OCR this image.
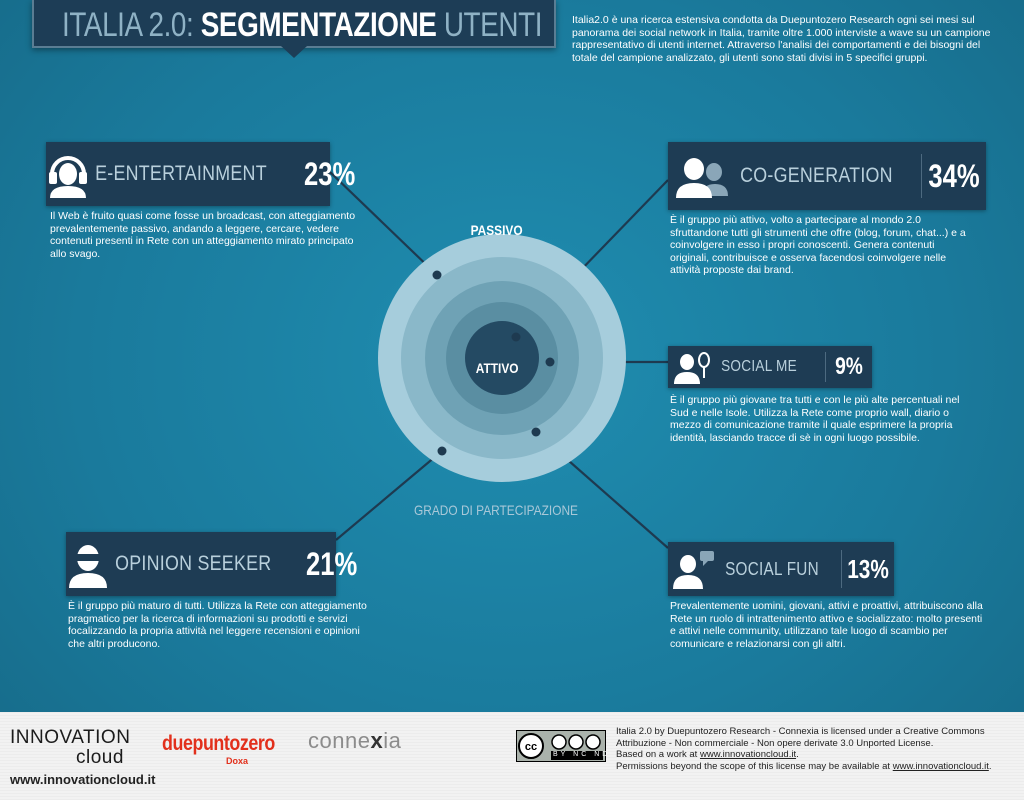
ITALIA 2.0: SEGMENTAZIONE UTENTI	Italia2.0 è una ricerca estensiva condotta da Duepuntozero Research ogni sei mesi sul panorama dei social network in Italia, tramite oltre 1.000 interviste a wave su un campione rappresentativo di utenti internet. Attraverso l'analisi dei comportamenti e dei bisogni del totale del campione analizzato, gli utenti sono stati divisi in 5 specifici gruppi.
PASSIVO
ATTIVO
GRADO DI PARTECIPAZIONE
E-ENTERTAINMENT 23%
Il Web è fruito quasi come fosse un broadcast, con atteggiamento prevalentemente passivo, andando a leggere, cercare, vedere contenuti presenti in Rete con un atteggiamento mirato principato allo svago.
CO-GENERATION 34%
È il gruppo più attivo, volto a partecipare al mondo 2.0 sfruttandone tutti gli strumenti che offre (blog, forum, chat...) e a coinvolgere in esso i propri conoscenti. Genera contenuti originali, contribuisce e osserva facendosi coinvolgere nelle attività proposte dai brand.
SOCIAL ME	9%
È il gruppo più giovane tra tutti e con le più alte percentuali nel Sud e nelle Isole. Utilizza la Rete come proprio wall, diario o mezzo di comunicazione tramite il quale esprimere la propria identità, lasciando tracce di sè in ogni luogo possibile.
OPINION SEEKER 21%
È il gruppo più maturo di tutti. Utilizza la Rete con atteggiamento pragmatico per la ricerca di informazioni su prodotti e servizi focalizzando la propria attività nel leggere recensioni e opinioni che altri producono.
SOCIAL FUN 13%
Prevalentemente uomini, giovani, attivi e proattivi, attribuiscono alla Rete un ruolo di intrattenimento attivo e socializzato: molto presenti e attivi nelle community, utilizzano tale luogo di scambio per comunicare e relazionarsi con gli altri.
INNOVATION
cloud
www.innovationcloud.it
duepuntozero
Doxa
connexia	cc
BY NC ND
Italia 2.0 by Duepuntozero Research - Connexia is licensed under a Creative Commons Attribuzione - Non commerciale - Non opere derivate 3.0 Unported License.
Based on a work at www.innovationcloud.it.
Permissions beyond the scope of this license may be available at www.innovationcloud.it.
